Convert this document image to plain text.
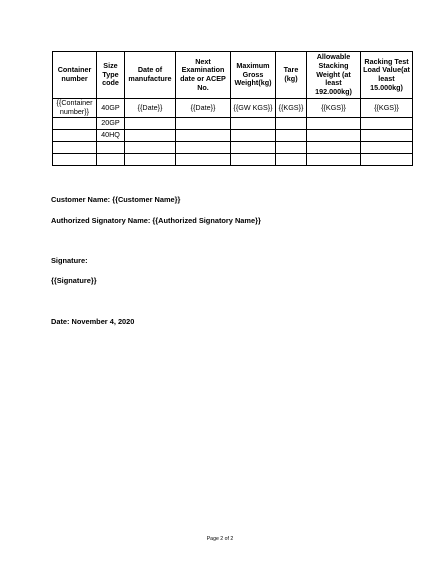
Container number	Size Type code	Date of manufacture	Next Examination date or ACEP No.	Maximum Gross Weight(kg)	Tare (kg)	Allowable Stacking Weight (at least 192.000kg)	Racking Test Load Value(at least 15.000kg)
{{Container number}}	40GP	{{Date}}	{{Date}}	{{GW KGS}}	{{KGS}}	{{KGS}}	{{KGS}}
	20GP						
	40HQ						

Customer Name: {{Customer Name}}
Authorized Signatory Name: {{Authorized Signatory Name}}
Signature:
{{Signature}}
Date: November 4, 2020
Page 2 of 2
